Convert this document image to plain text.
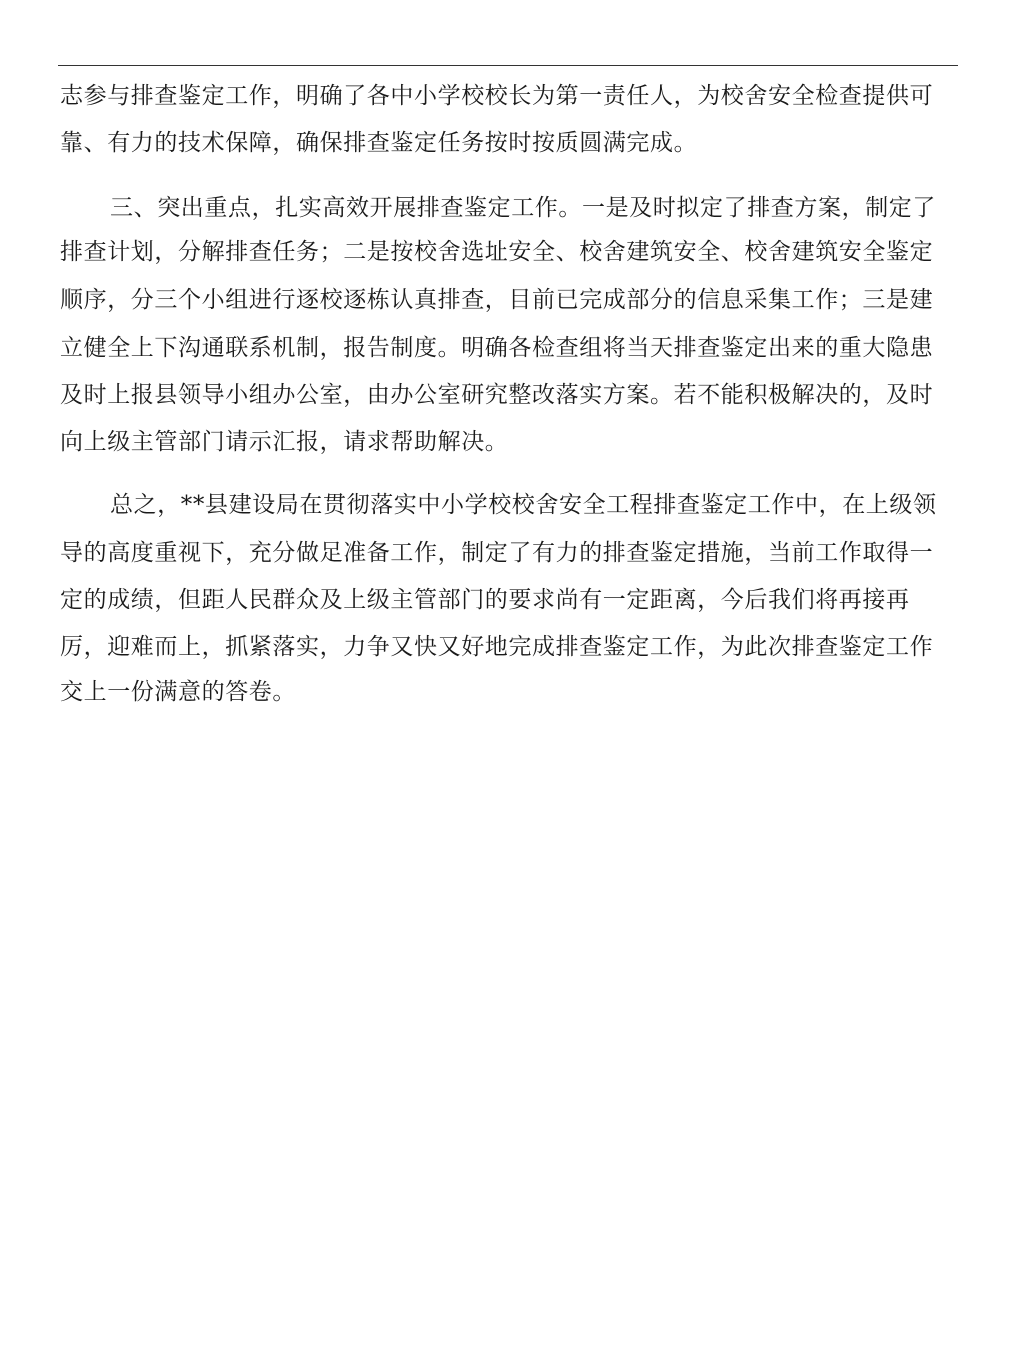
志参与排查鉴定工作，明确了各中小学校校长为第一责任人，为校舍安全检查提供可
靠、有力的技术保障，确保排查鉴定任务按时按质圆满完成。
三、突出重点，扎实高效开展排查鉴定工作。一是及时拟定了排查方案，制定了
排查计划，分解排查任务；二是按校舍选址安全、校舍建筑安全、校舍建筑安全鉴定
顺序，分三个小组进行逐校逐栋认真排查，目前已完成部分的信息采集工作；三是建
立健全上下沟通联系机制，报告制度。明确各检查组将当天排查鉴定出来的重大隐患
及时上报县领导小组办公室，由办公室研究整改落实方案。若不能积极解决的，及时
向上级主管部门请示汇报，请求帮助解决。
总之，**县建设局在贯彻落实中小学校校舍安全工程排查鉴定工作中，在上级领
导的高度重视下，充分做足准备工作，制定了有力的排查鉴定措施，当前工作取得一
定的成绩，但距人民群众及上级主管部门的要求尚有一定距离，今后我们将再接再
厉，迎难而上，抓紧落实，力争又快又好地完成排查鉴定工作，为此次排查鉴定工作
交上一份满意的答卷。
